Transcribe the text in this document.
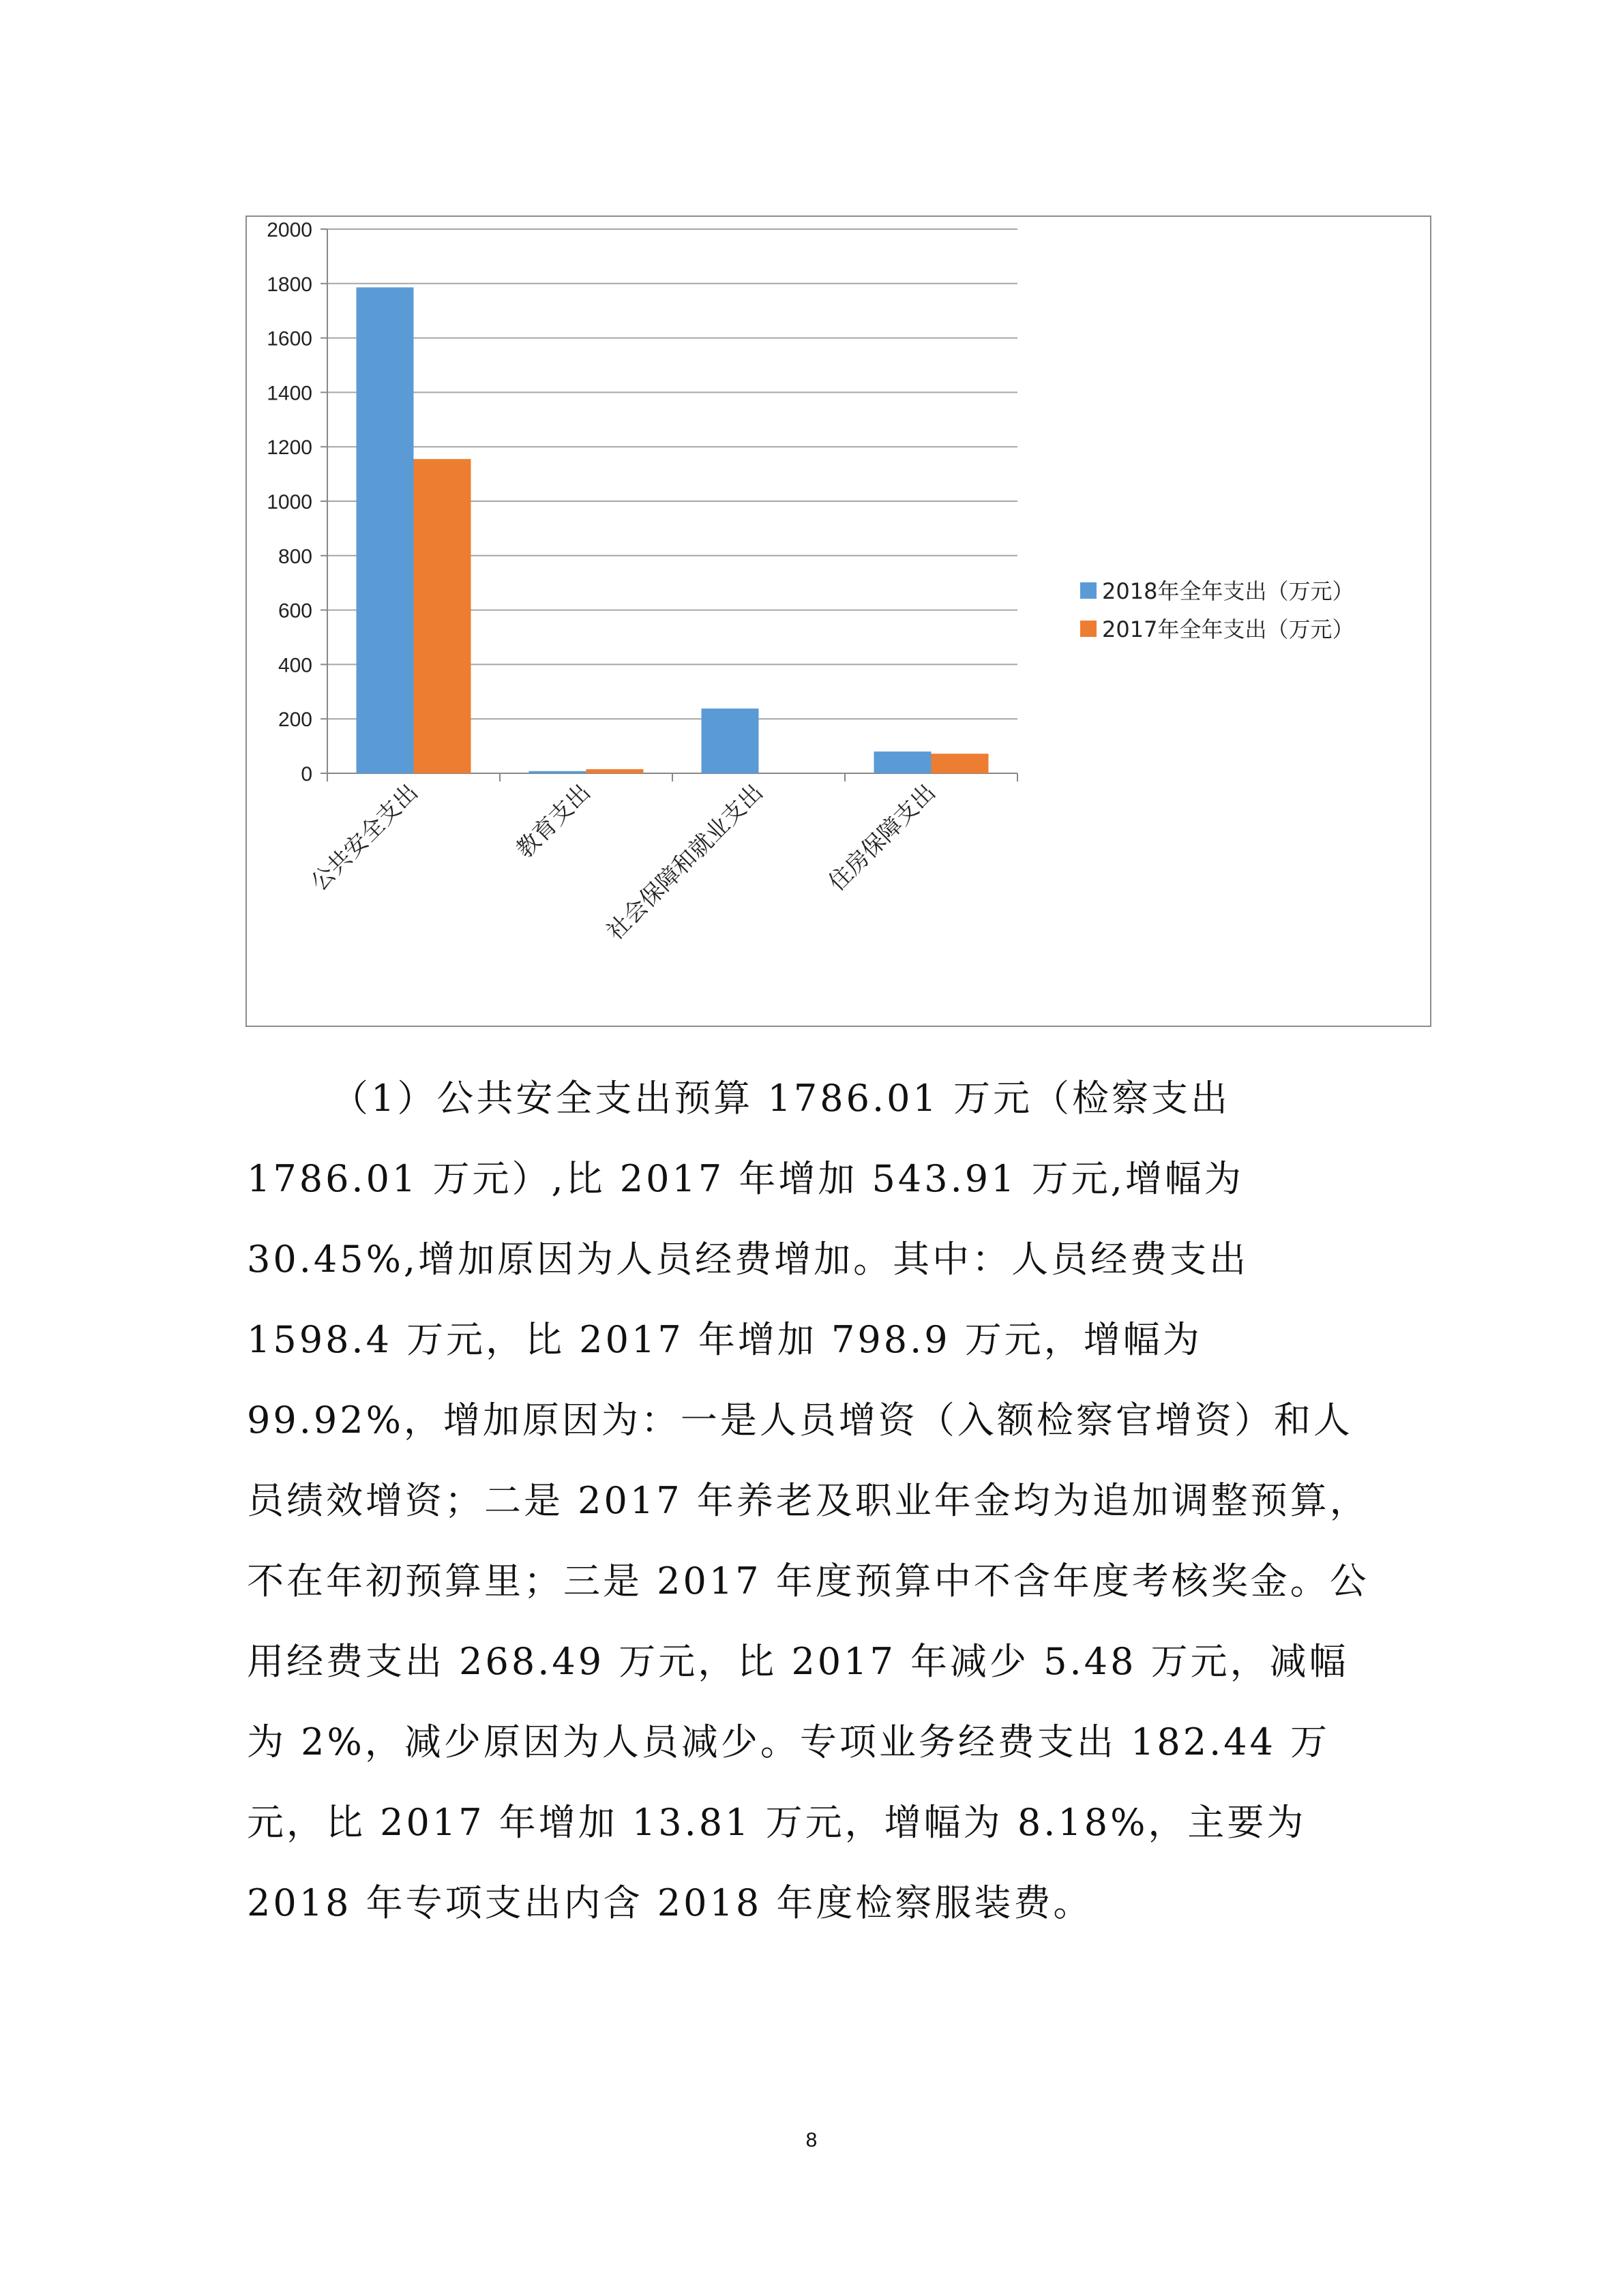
0
200
400
600
800
1000
1200
1400
1600
1800
2000
公共安全支出	教育支出 社会保障和就业支出 住房保障支出
2018年全年支出（万元）
2017年全年支出（万元）

（1）公共安全支出预算 1786.01 万元（检察支出 1786.01 万元）,比 2017 年增加 543.91 万元,增幅为 30.45%,增加原因为人员经费增加。其中：人员经费支出 1598.4 万元，比 2017 年增加 798.9 万元，增幅为 99.92%，增加原因为：一是人员增资（入额检察官增资）和人员绩效增资；二是 2017 年养老及职业年金均为追加调整预算，不在年初预算里；三是 2017 年度预算中不含年度考核奖金。公用经费支出 268.49 万元，比 2017 年减少 5.48 万元，减幅为 2%，减少原因为人员减少。专项业务经费支出 182.44 万元，比 2017 年增加 13.81 万元，增幅为 8.18%，主要为 2018 年专项支出内含 2018 年度检察服装费。

8
